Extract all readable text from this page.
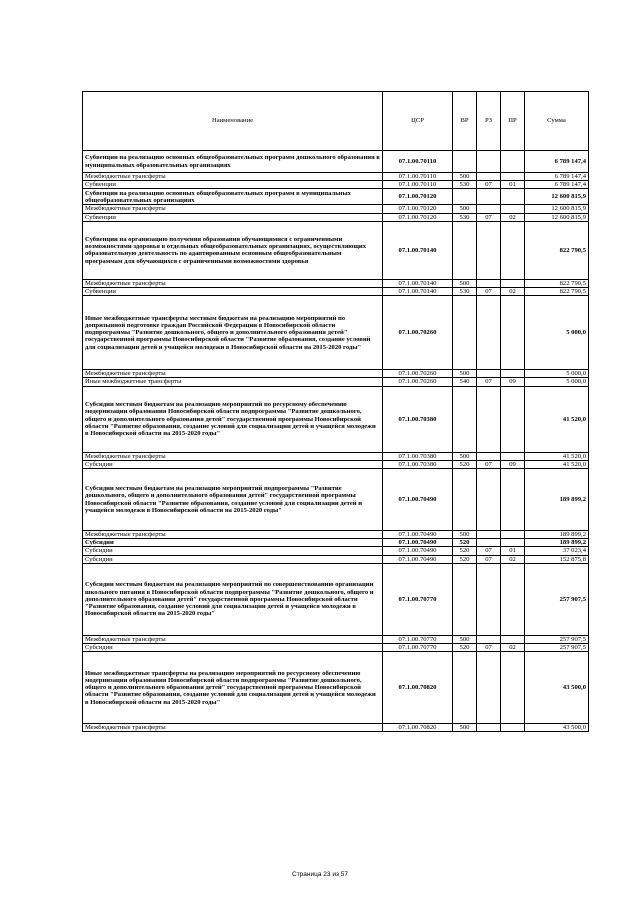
Наименование	ЦСР	ВР	РЗ	ПР	Сумма
Субвенции на реализацию основных общеобразовательных программ дошкольного образования в муниципальных образовательных организациях	07.1.00.70110				6 789 147,4
Межбюджетные трансферты	07.1.00.70110	500			6 789 147,4
Субвенции	07.1.00.70110	530	07	01	6 789 147,4
Субвенции на реализацию основных общеобразовательных программ в муниципальных общеобразовательных организациях	07.1.00.70120				12 600 815,9
Межбюджетные трансферты	07.1.00.70120	500			12 600 815,9
Субвенции	07.1.00.70120	530	07	02	12 600 815,9
Субвенции на организацию получения образования обучающимися с ограниченными возможностями здоровья в отдельных общеобразовательных организациях, осуществляющих образовательную деятельность по адаптированным основным общеобразовательным программам для обучающихся с ограниченными возможностями здоровья	07.1.00.70140				822 790,5
Межбюджетные трансферты	07.1.00.70140	500			822 790,5
Субвенции	07.1.00.70140	530	07	02	822 790,5
Иные межбюджетные трансферты местным бюджетам на реализацию мероприятий по допризывной подготовке граждан Российской Федерации в Новосибирской области подпрограммы "Развитие дошкольного, общего и дополнительного образования детей" государственной программы Новосибирской области "Развитие образования, создание условий для социализации детей и учащейся молодежи в Новосибирской области на 2015-2020 годы"	07.1.00.70260				5 000,0
Межбюджетные трансферты	07.1.00.70260	500			5 000,0
Иные межбюджетные трансферты	07.1.00.70260	540	07	09	5 000,0
Субсидии местным бюджетам на реализацию мероприятий по ресурсному обеспечению модернизации образования Новосибирской области подпрограммы "Развитие дошкольного, общего и дополнительного образования детей" государственной программы Новосибирской области "Развитие образования, создание условий для социализации детей и учащейся молодежи в Новосибирской области на 2015-2020 годы"	07.1.00.70380				41 520,0
Межбюджетные трансферты	07.1.00.70380	500			41 520,0
Субсидии	07.1.00.70380	520	07	09	41 520,0
Субсидии местным бюджетам на реализацию мероприятий подпрограммы "Развитие дошкольного, общего и дополнительного образования детей" государственной программы Новосибирской области "Развитие образования, создание условий для социализации детей и учащейся молодежи в Новосибирской области на 2015-2020 годы"	07.1.00.70490				189 899,2
Межбюджетные трансферты	07.1.00.70490	500			189 899,2
Субсидии	07.1.00.70490	520			189 899,2
Субсидии	07.1.00.70490	520	07	01	37 023,4
Субсидии	07.1.00.70490	520	07	02	152 875,8
Субсидии местным бюджетам на реализацию мероприятий по совершенствованию организации школьного питания в Новосибирской области подпрограммы "Развитие дошкольного, общего и дополнительного образования детей" государственной программы Новосибирской области "Развитие образования, создание условий для социализации детей и учащейся молодежи в Новосибирской области на 2015-2020 годы"	07.1.00.70770				257 907,5
Межбюджетные трансферты	07.1.00.70770	500			257 907,5
Субсидии	07.1.00.70770	520	07	02	257 907,5
Иные межбюджетные трансферты на реализацию мероприятий по ресурсному обеспечению модернизации образования Новосибирской области подпрограммы "Развитие дошкольного, общего и дополнительного образования детей" государственной программы Новосибирской области "Развитие образования, создание условий для социализации детей и учащейся молодежи в Новосибирской области на 2015-2020 годы"	07.1.00.70820				43 500,0
Межбюджетные трансферты	07.1.00.70820	500			43 500,0
Страница 23 из 57
